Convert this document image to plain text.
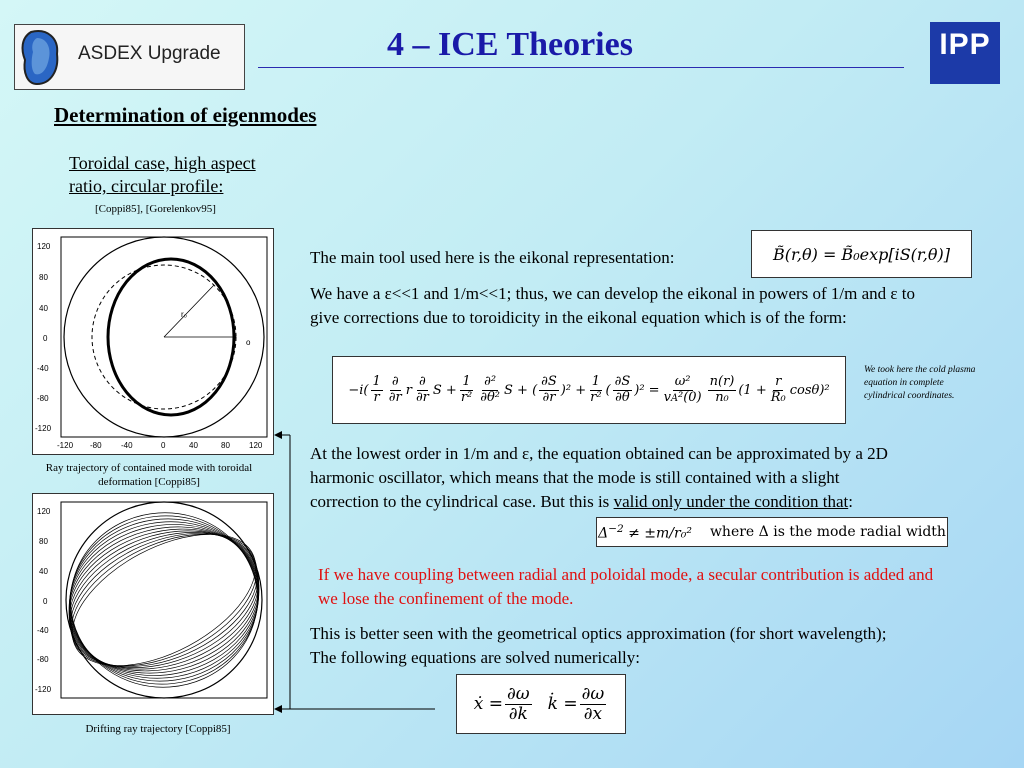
ASDEX Upgrade	4 – ICE Theories	IPP
Determination of eigenmodes
Toroidal case, high aspect
ratio, circular profile:
[Coppi85], [Gorelenkov95]
r₀
o
120
80
40
0
-40
-80
-120
-120 -80 -40	0	40	80 120
Ray trajectory of contained mode with toroidal deformation [Coppi85]
120
80
40
0
-40
-80
-120
Drifting ray trajectory [Coppi85]
The main tool used here is the eikonal representation:
We have a ε<<1 and 1/m<<1; thus, we can develop the eikonal in powers of 1/m and ε to give corrections due to toroidicity in the eikonal equation which is of the form:
At the lowest order in 1/m and ε, the equation obtained can be approximated by a 2D harmonic oscillator, which means that the mode is still contained with a slight correction to the cylindrical case. But this is valid only under the condition that:
If we have coupling between radial and poloidal mode, a secular contribution is added and we lose the confinement of the mode.
This is better seen with the geometrical optics approximation (for short wavelength); The following equations are solved numerically:
We took here the cold plasma equation in complete cylindrical coordinates.
B̃(r,θ) = B̃₀exp[iS(r,θ)]
$-i( \frac{1}{r} \frac{\partial}{\partial r}$ r $\frac{\partial}{\partial r}$ $S + \frac{1}{\text{r²}} \frac{\text{∂²}}{\text{∂θ²}}$ S + ( $\frac{\partial S}{\partial r} )^2 + \frac{1}{\text{r²}}$ ( $\frac{\partial S}{\partial\theta} )^2 = \frac{\text{ω²}}{\text{vA²(0)}} \frac{n(r)}{\text{n₀}} (1 + \frac{r}{\text{R₀}} \cos\theta)^2$
$\Delta^{-2} \ne \pm m/r_0^2$ where Δ is the mode radial width
ẋ = $\frac{\partial\omega}{\partial k}$ k̇ = $\frac{\partial\omega}{\partial x}$
